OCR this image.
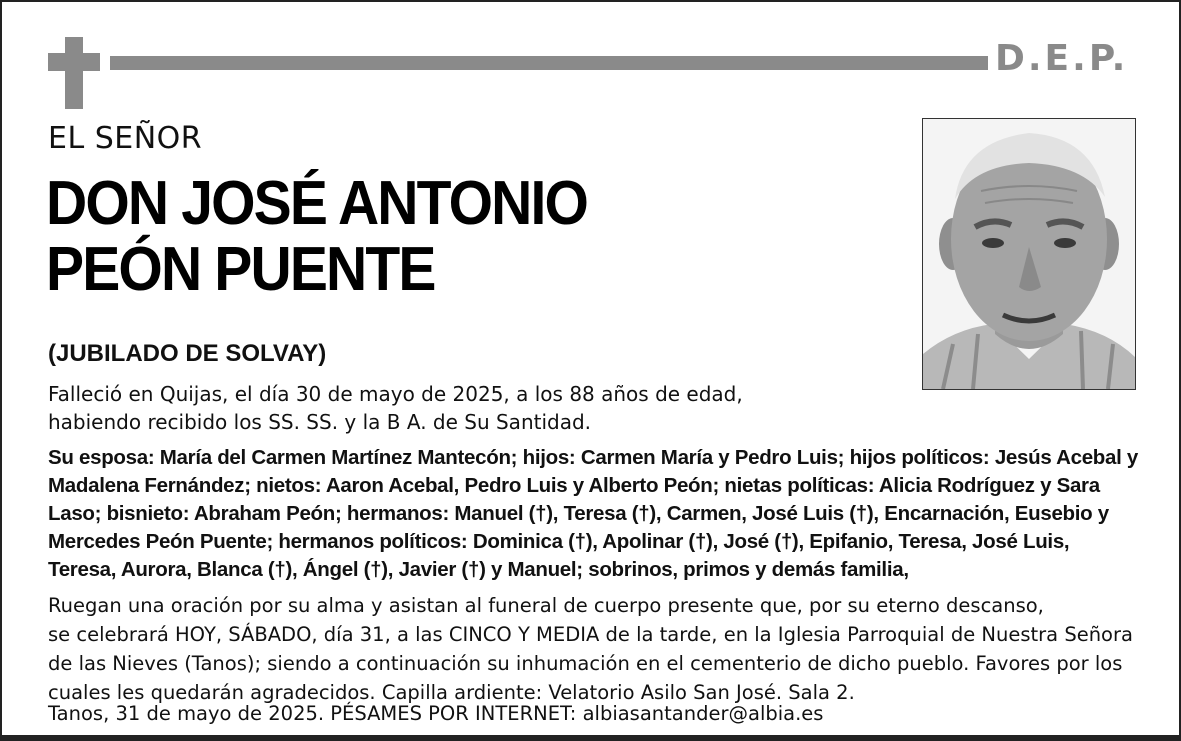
D.E.P.
EL SEÑOR
DON JOSÉ ANTONIO
PEÓN PUENTE
(JUBILADO DE SOLVAY)
Falleció en Quijas, el día 30 de mayo de 2025, a los 88 años de edad,
habiendo recibido los SS. SS. y la B A. de Su Santidad.
Su esposa: María del Carmen Martínez Mantecón; hijos: Carmen María y Pedro Luis; hijos políticos: Jesús Acebal y Madalena Fernández; nietos: Aaron Acebal, Pedro Luis y Alberto Peón; nietas políticas: Alicia Rodríguez y Sara Laso; bisnieto: Abraham Peón; hermanos: Manuel (†), Teresa (†), Carmen, José Luis (†), Encarnación, Eusebio y Mercedes Peón Puente; hermanos políticos: Dominica (†), Apolinar (†), José (†), Epifanio, Teresa, José Luis, Teresa, Aurora, Blanca (†), Ángel (†), Javier (†) y Manuel; sobrinos, primos y demás familia,
Ruegan una oración por su alma y asistan al funeral de cuerpo presente que, por su eterno descanso,
se celebrará HOY, SÁBADO, día 31, a las CINCO Y MEDIA de la tarde, en la Iglesia Parroquial de Nuestra Señora
de las Nieves (Tanos); siendo a continuación su inhumación en el cementerio de dicho pueblo. Favores por los
cuales les quedarán agradecidos. Capilla ardiente: Velatorio Asilo San José. Sala 2.
Tanos, 31 de mayo de 2025. PÉSAMES POR INTERNET: albiasantander@albia.es
